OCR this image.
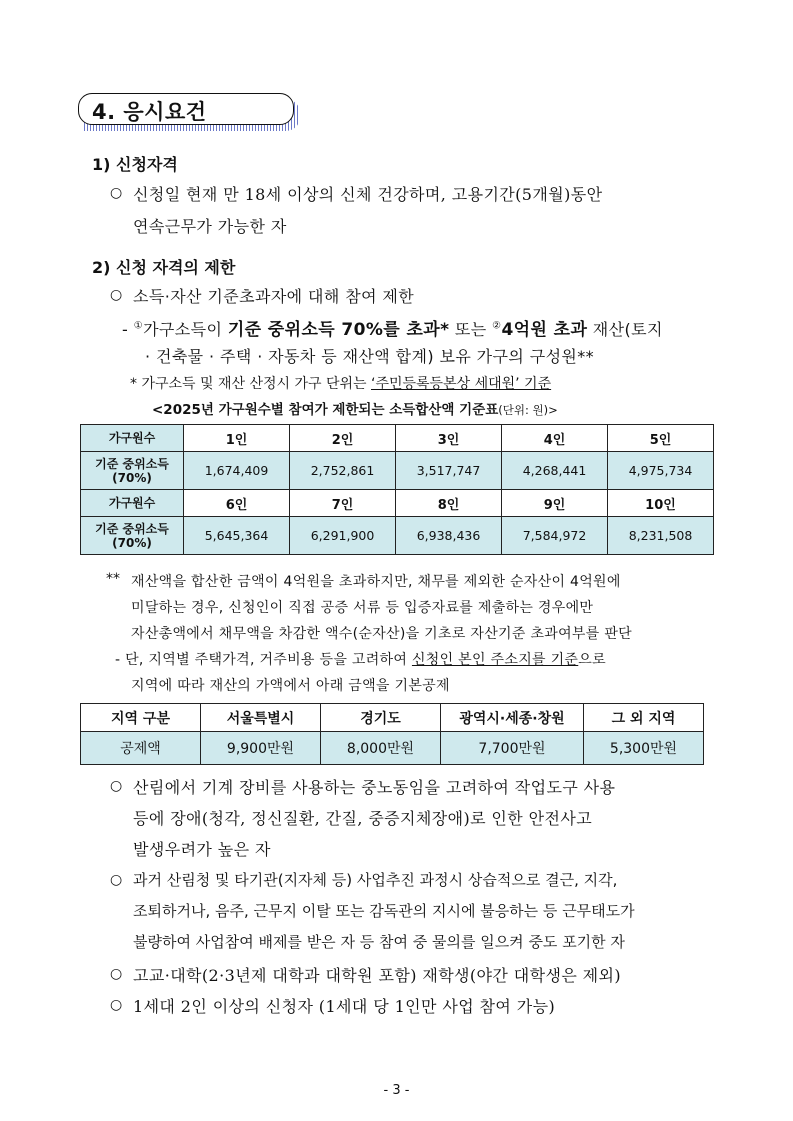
4. 응시요건
1) 신청자격
○ 신청일 현재 만 18세 이상의 신체 건강하며, 고용기간(5개월)동안
연속근무가 가능한 자
2) 신청 자격의 제한
○ 소득·자산 기준초과자에 대해 참여 제한
- ①가구소득이 기준 중위소득 70%를 초과* 또는 ②4억원 초과 재산(토지
· 건축물 · 주택 · 자동차 등 재산액 합계) 보유 가구의 구성원**
* 가구소득 및 재산 산정시 가구 단위는 ‘주민등록등본상 세대원’ 기준
<2025년 가구원수별 참여가 제한되는 소득합산액 기준표(단위: 원)>
가구원수	1인	2인	3인	4인	5인
기준 중위소득 (70%)	1,674,409	2,752,861	3,517,747	4,268,441	4,975,734
가구원수	6인	7인	8인	9인	10인
기준 중위소득 (70%)	5,645,364	6,291,900	6,938,436	7,584,972	8,231,508
** 재산액을 합산한 금액이 4억원을 초과하지만, 채무를 제외한 순자산이 4억원에
미달하는 경우, 신청인이 직접 공증 서류 등 입증자료를 제출하는 경우에만
자산총액에서 채무액을 차감한 액수(순자산)을 기초로 자산기준 초과여부를 판단
- 단, 지역별 주택가격, 거주비용 등을 고려하여 신청인 본인 주소지를 기준으로
지역에 따라 재산의 가액에서 아래 금액을 기본공제
지역 구분	서울특별시	경기도	광역시·세종·창원	그 외 지역
공제액	9,900만원	8,000만원	7,700만원	5,300만원
○ 산림에서 기계 장비를 사용하는 중노동임을 고려하여 작업도구 사용
등에 장애(청각, 정신질환, 간질, 중증지체장애)로 인한 안전사고
발생우려가 높은 자
○ 과거 산림청 및 타기관(지자체 등) 사업추진 과정시 상습적으로 결근, 지각,
조퇴하거나, 음주, 근무지 이탈 또는 감독관의 지시에 불응하는 등 근무태도가
불량하여 사업참여 배제를 받은 자 등 참여 중 물의를 일으켜 중도 포기한 자
○ 고교·대학(2·3년제 대학과 대학원 포함) 재학생(야간 대학생은 제외)
○ 1세대 2인 이상의 신청자 (1세대 당 1인만 사업 참여 가능)
- 3 -
